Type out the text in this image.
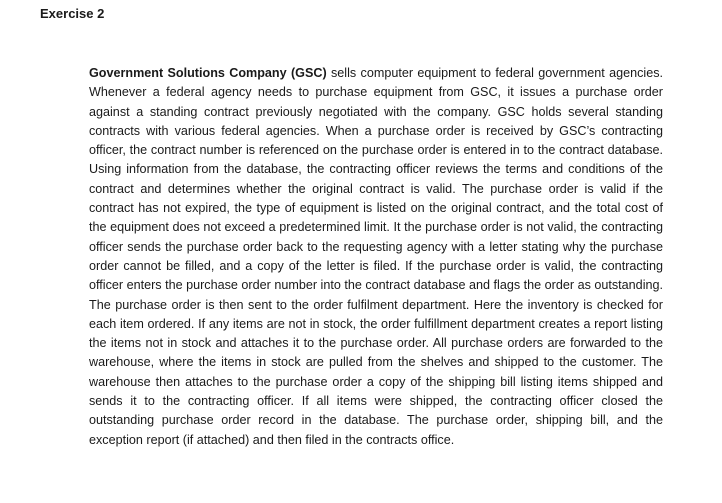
Exercise 2

Government Solutions Company (GSC) sells computer equipment to federal government agencies. Whenever a federal agency needs to purchase equipment from GSC, it issues a purchase order against a standing contract previously negotiated with the company. GSC holds several standing contracts with various federal agencies. When a purchase order is received by GSC’s contracting officer, the contract number is referenced on the purchase order is entered in to the contract database. Using information from the database, the contracting officer reviews the terms and conditions of the contract and determines whether the original contract is valid. The purchase order is valid if the contract has not expired, the type of equipment is listed on the original contract, and the total cost of the equipment does not exceed a predetermined limit. It the purchase order is not valid, the contracting officer sends the purchase order back to the requesting agency with a letter stating why the purchase order cannot be filled, and a copy of the letter is filed. If the purchase order is valid, the contracting officer enters the purchase order number into the contract database and flags the order as outstanding. The purchase order is then sent to the order fulfilment department. Here the inventory is checked for each item ordered. If any items are not in stock, the order fulfillment department creates a report listing the items not in stock and attaches it to the purchase order. All purchase orders are forwarded to the warehouse, where the items in stock are pulled from the shelves and shipped to the customer. The warehouse then attaches to the purchase order a copy of the shipping bill listing items shipped and sends it to the contracting officer. If all items were shipped, the contracting officer closed the outstanding purchase order record in the database. The purchase order, shipping bill, and the exception report (if attached) and then filed in the contracts office.
